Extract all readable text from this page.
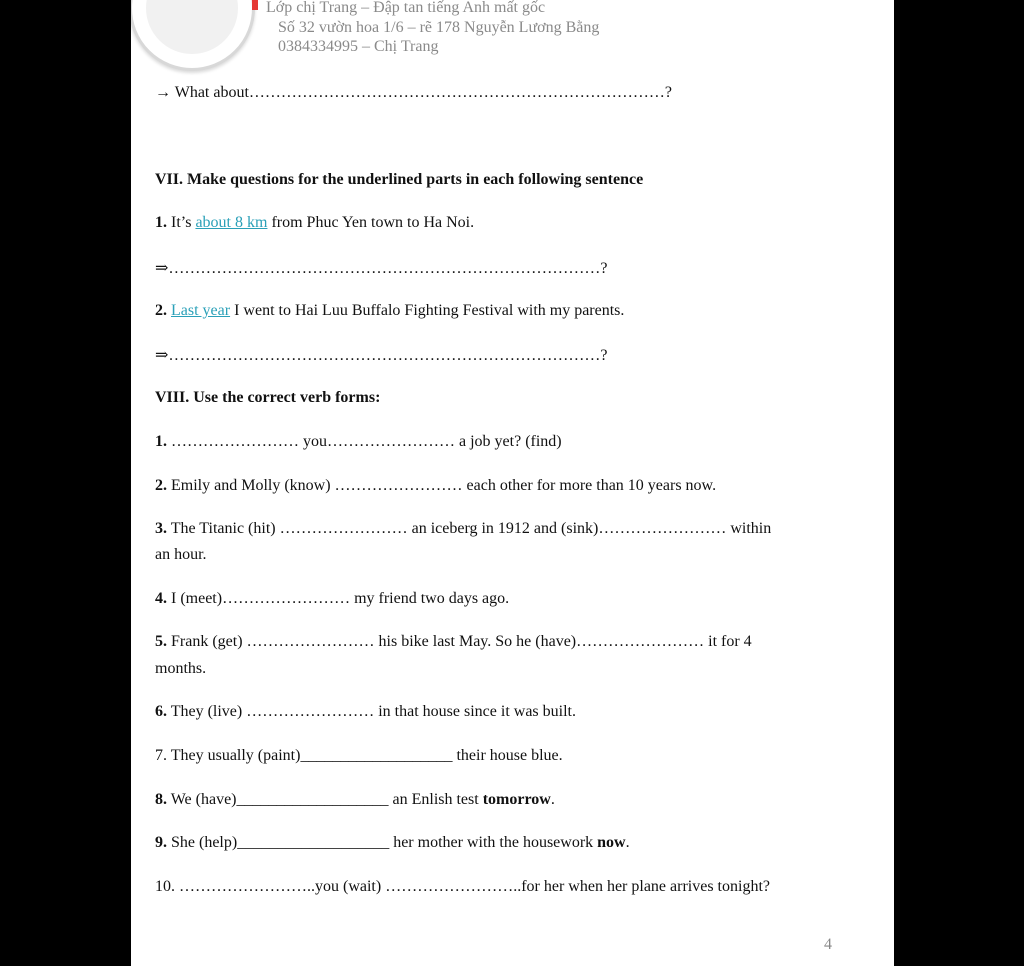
Lớp chị Trang – Đập tan tiếng Anh mất gốc
Số 32 vườn hoa 1/6 – rẽ 178 Nguyễn Lương Bằng
0384334995 – Chị Trang
→ What about……………………………………………………………………?
VII. Make questions for the underlined parts in each following sentence
1. It’s about 8 km from Phuc Yen town to Ha Noi.
⇒………………………………………………………………………?
2. Last year I went to Hai Luu Buffalo Fighting Festival with my parents.
⇒………………………………………………………………………?
VIII. Use the correct verb forms:
1. …………………… you…………………… a job yet? (find)
2. Emily and Molly (know) …………………… each other for more than 10 years now.
3. The Titanic (hit) …………………… an iceberg in 1912 and (sink)…………………… within
an hour.
4. I (meet)…………………… my friend two days ago.
5. Frank (get) …………………… his bike last May. So he (have)…………………… it for 4
months.
6. They (live) …………………… in that house since it was built.
7. They usually (paint)___________________ their house blue.
8. We (have)___________________ an Enlish test tomorrow.
9. She (help)___________________ her mother with the housework now.
10. ……………………..you (wait) ……………………..for her when her plane arrives tonight?
4
